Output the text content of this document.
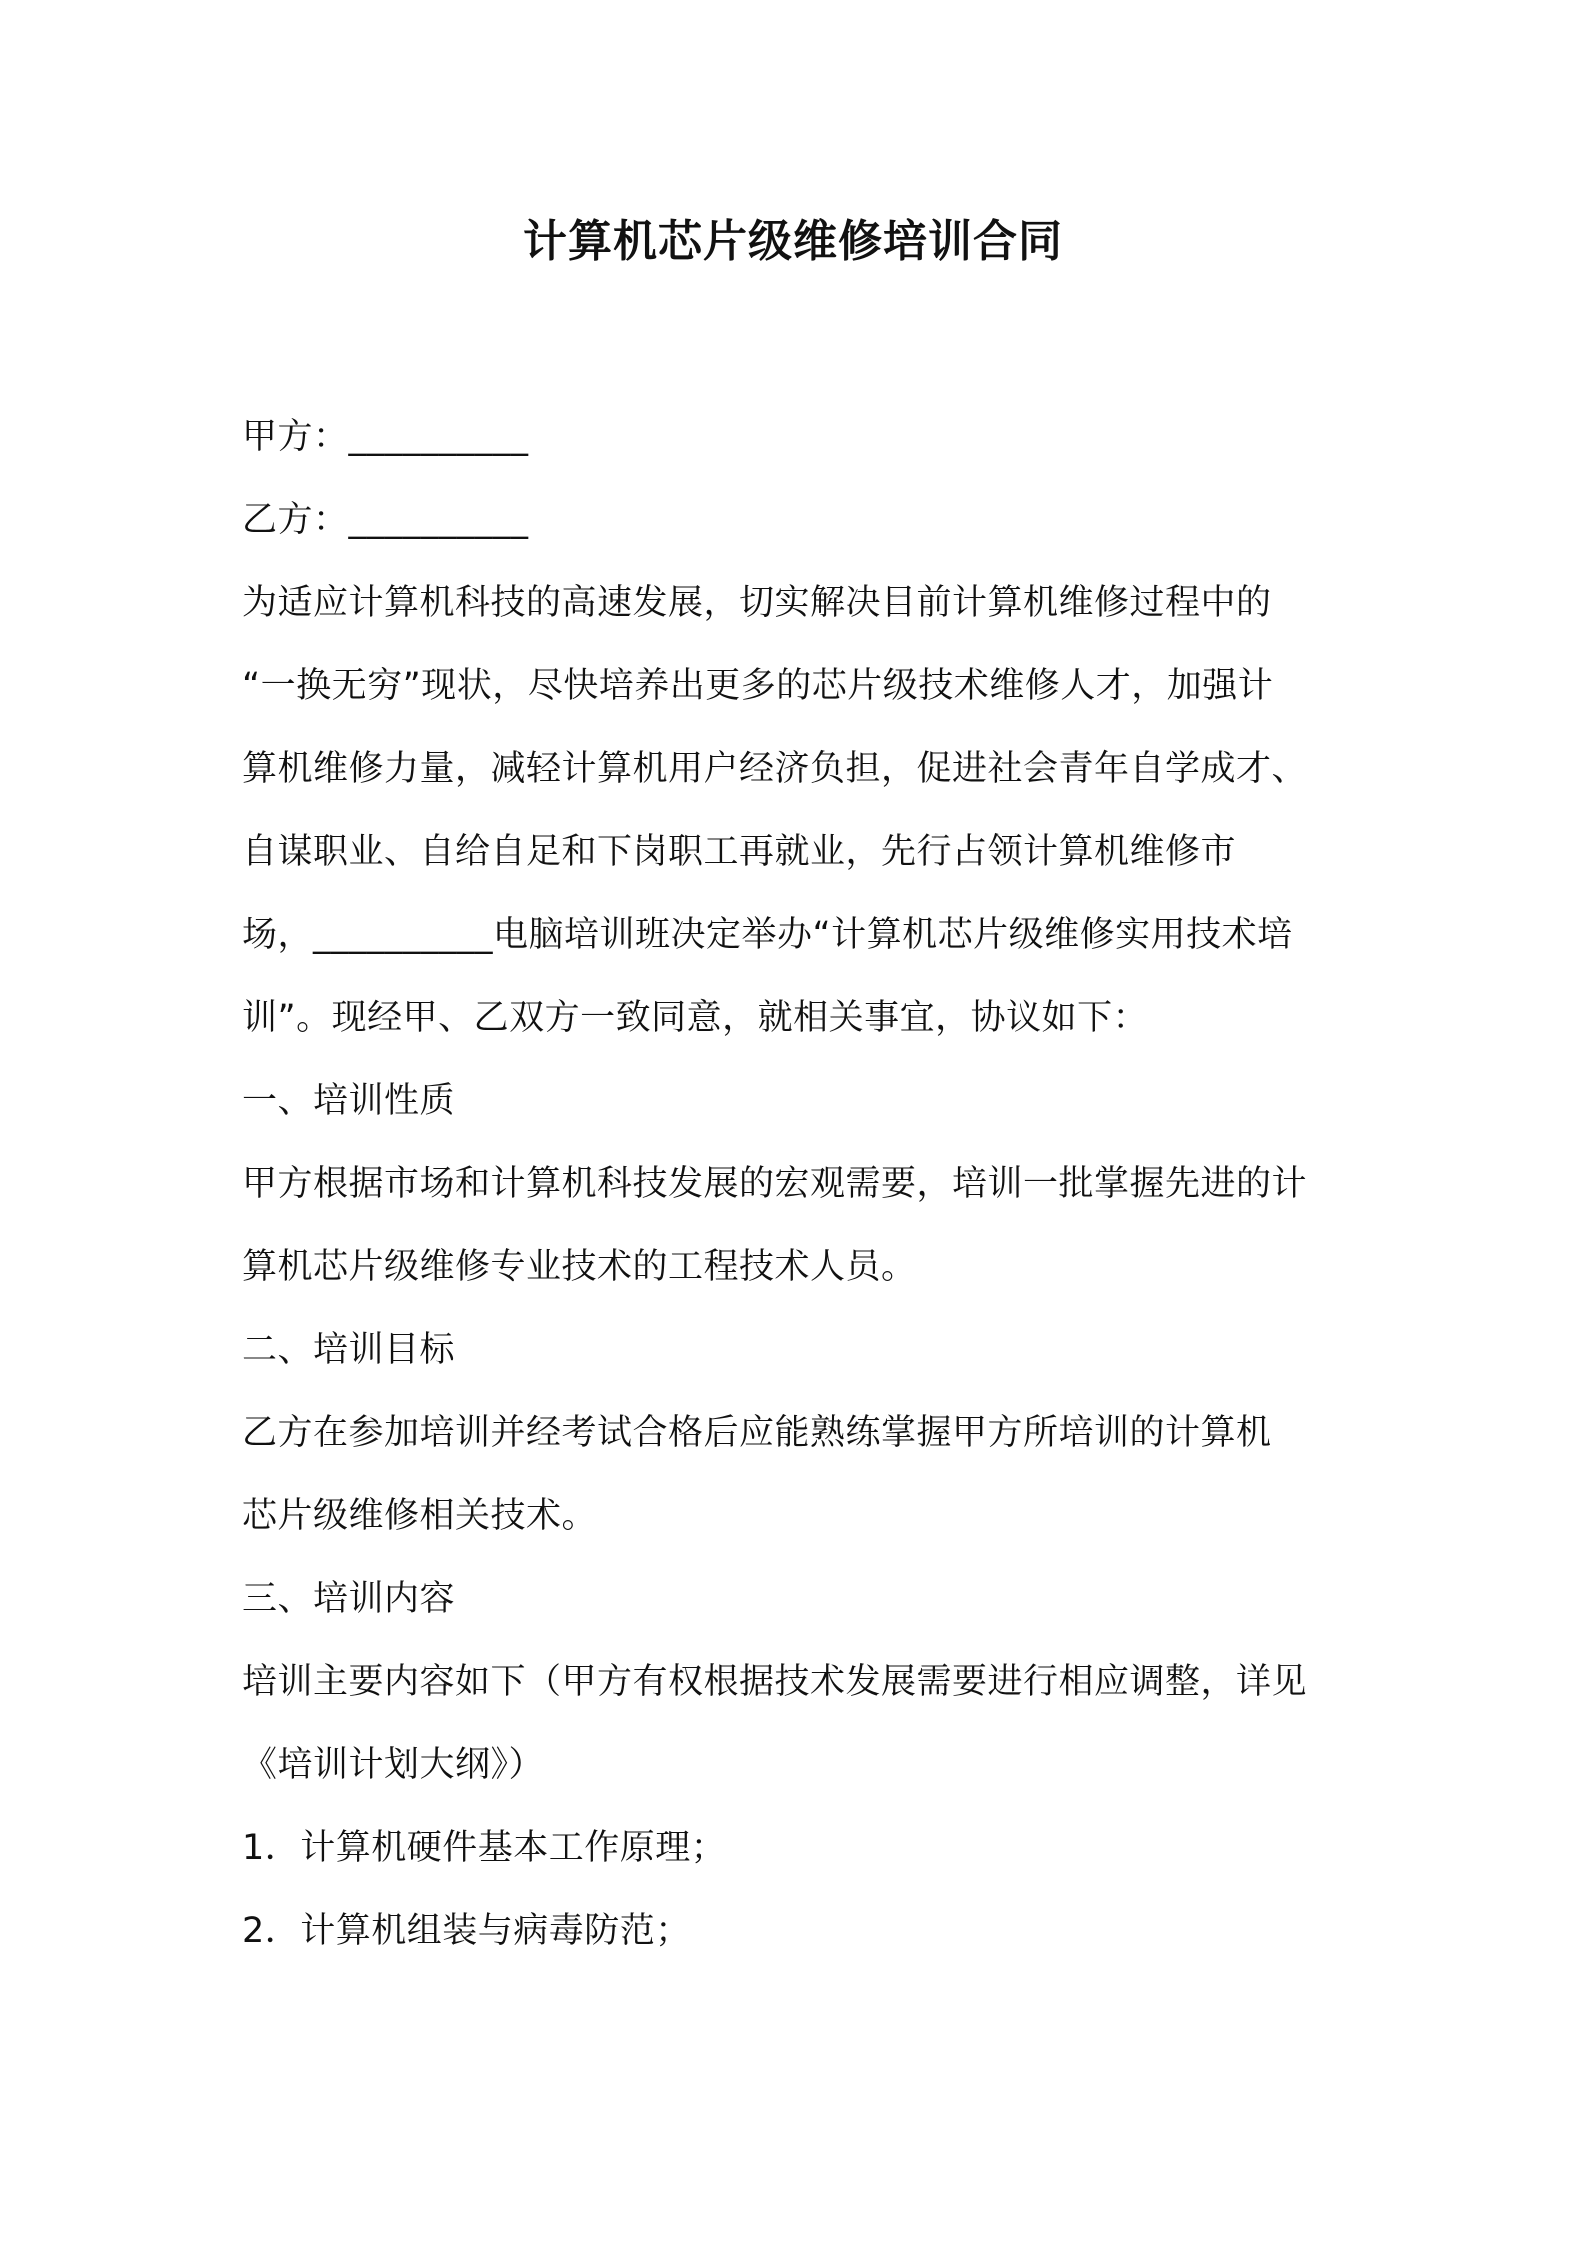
计算机芯片级维修培训合同
甲方：__________
乙方：__________
为适应计算机科技的高速发展，切实解决目前计算机维修过程中的
“一换无穷”现状，尽快培养出更多的芯片级技术维修人才，加强计
算机维修力量，减轻计算机用户经济负担，促进社会青年自学成才、
自谋职业、自给自足和下岗职工再就业，先行占领计算机维修市
场，__________电脑培训班决定举办“计算机芯片级维修实用技术培
训”。现经甲、乙双方一致同意，就相关事宜，协议如下：
一、培训性质
甲方根据市场和计算机科技发展的宏观需要，培训一批掌握先进的计
算机芯片级维修专业技术的工程技术人员。
二、培训目标
乙方在参加培训并经考试合格后应能熟练掌握甲方所培训的计算机
芯片级维修相关技术。
三、培训内容
培训主要内容如下（甲方有权根据技术发展需要进行相应调整，详见
《培训计划大纲》）
1．计算机硬件基本工作原理；
2．计算机组装与病毒防范；
